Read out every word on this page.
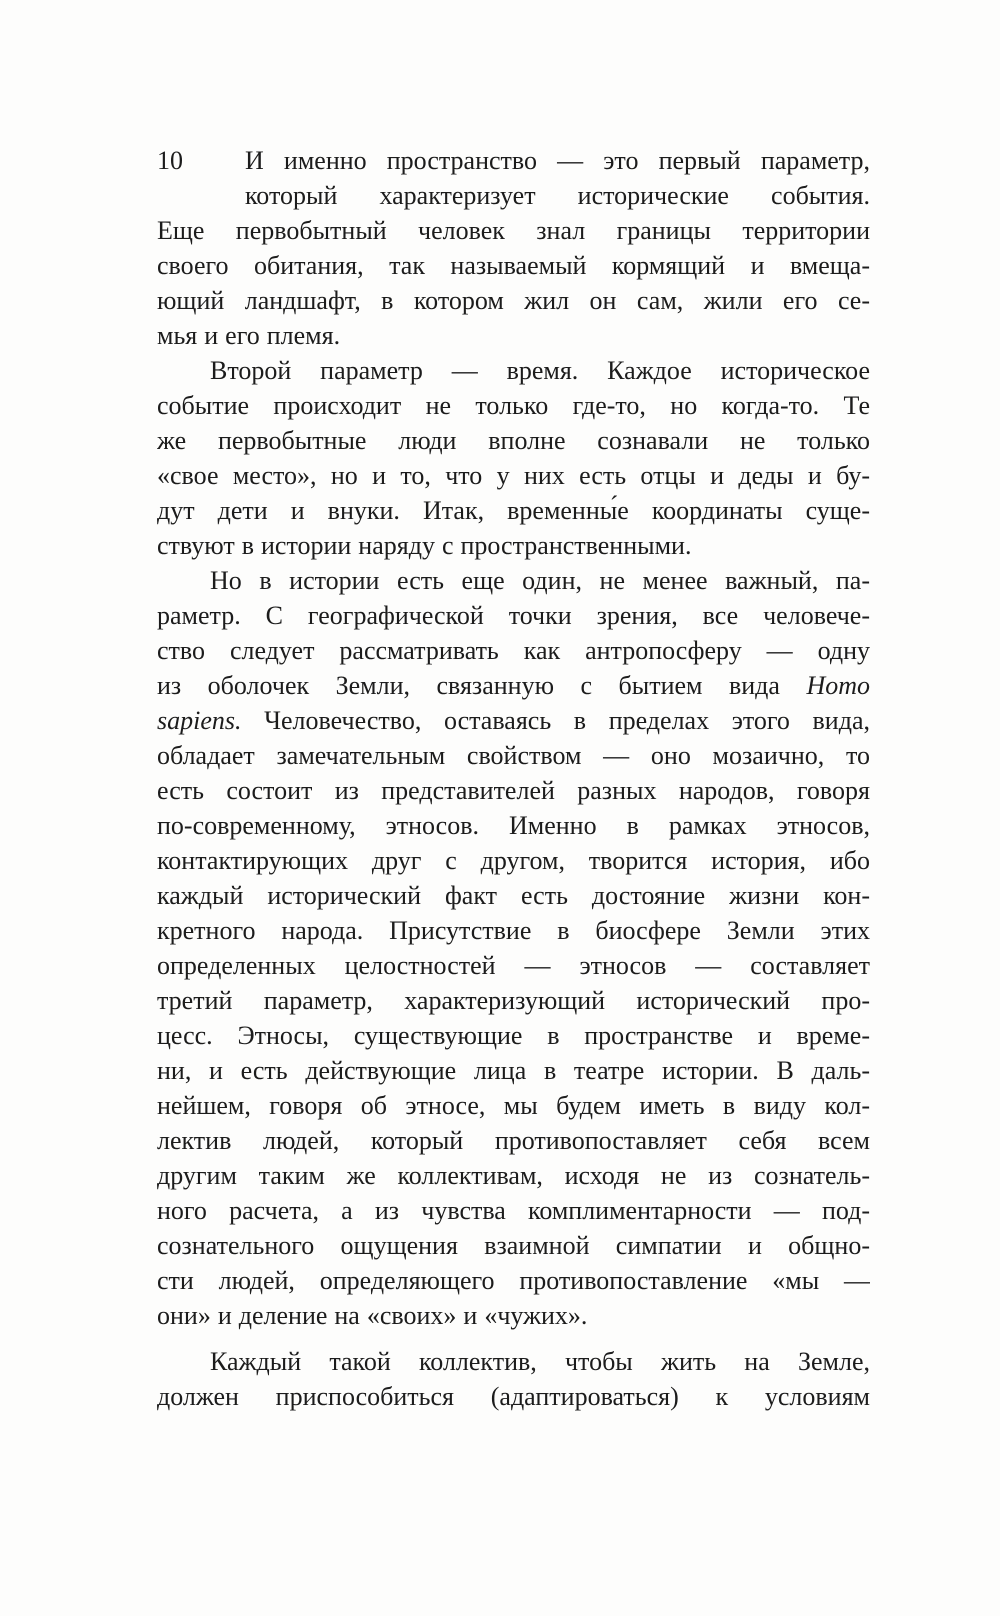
10	И именно пространство — это первый параметр,
который характеризует исторические события.
Еще первобытный человек знал границы территории
своего обитания, так называемый кормящий и вмеща-
ющий ландшафт, в котором жил он сам, жили его се-
мья и его племя.
Второй параметр — время. Каждое историческое
событие происходит не только где-то, но когда-то. Те
же первобытные люди вполне сознавали не только
«свое место», но и то, что у них есть отцы и деды и бу-
дут дети и внуки. Итак, временны́е координаты суще-
ствуют в истории наряду с пространственными.
Но в истории есть еще один, не менее важный, па-
раметр. С географической точки зрения, все человече-
ство следует рассматривать как антропосферу — одну
из оболочек Земли, связанную с бытием вида Homo
sapiens. Человечество, оставаясь в пределах этого вида,
обладает замечательным свойством — оно мозаично, то
есть состоит из представителей разных народов, говоря
по-современному, этносов. Именно в рамках этносов,
контактирующих друг с другом, творится история, ибо
каждый исторический факт есть достояние жизни кон-
кретного народа. Присутствие в биосфере Земли этих
определенных целостностей — этносов — составляет
третий параметр, характеризующий исторический про-
цесс. Этносы, существующие в пространстве и време-
ни, и есть действующие лица в театре истории. В даль-
нейшем, говоря об этносе, мы будем иметь в виду кол-
лектив людей, который противопоставляет себя всем
другим таким же коллективам, исходя не из сознатель-
ного расчета, а из чувства комплиментарности — под-
сознательного ощущения взаимной симпатии и общно-
сти людей, определяющего противопоставление «мы —
они» и деление на «своих» и «чужих».
Каждый такой коллектив, чтобы жить на Земле,
должен приспособиться (адаптироваться) к условиям
